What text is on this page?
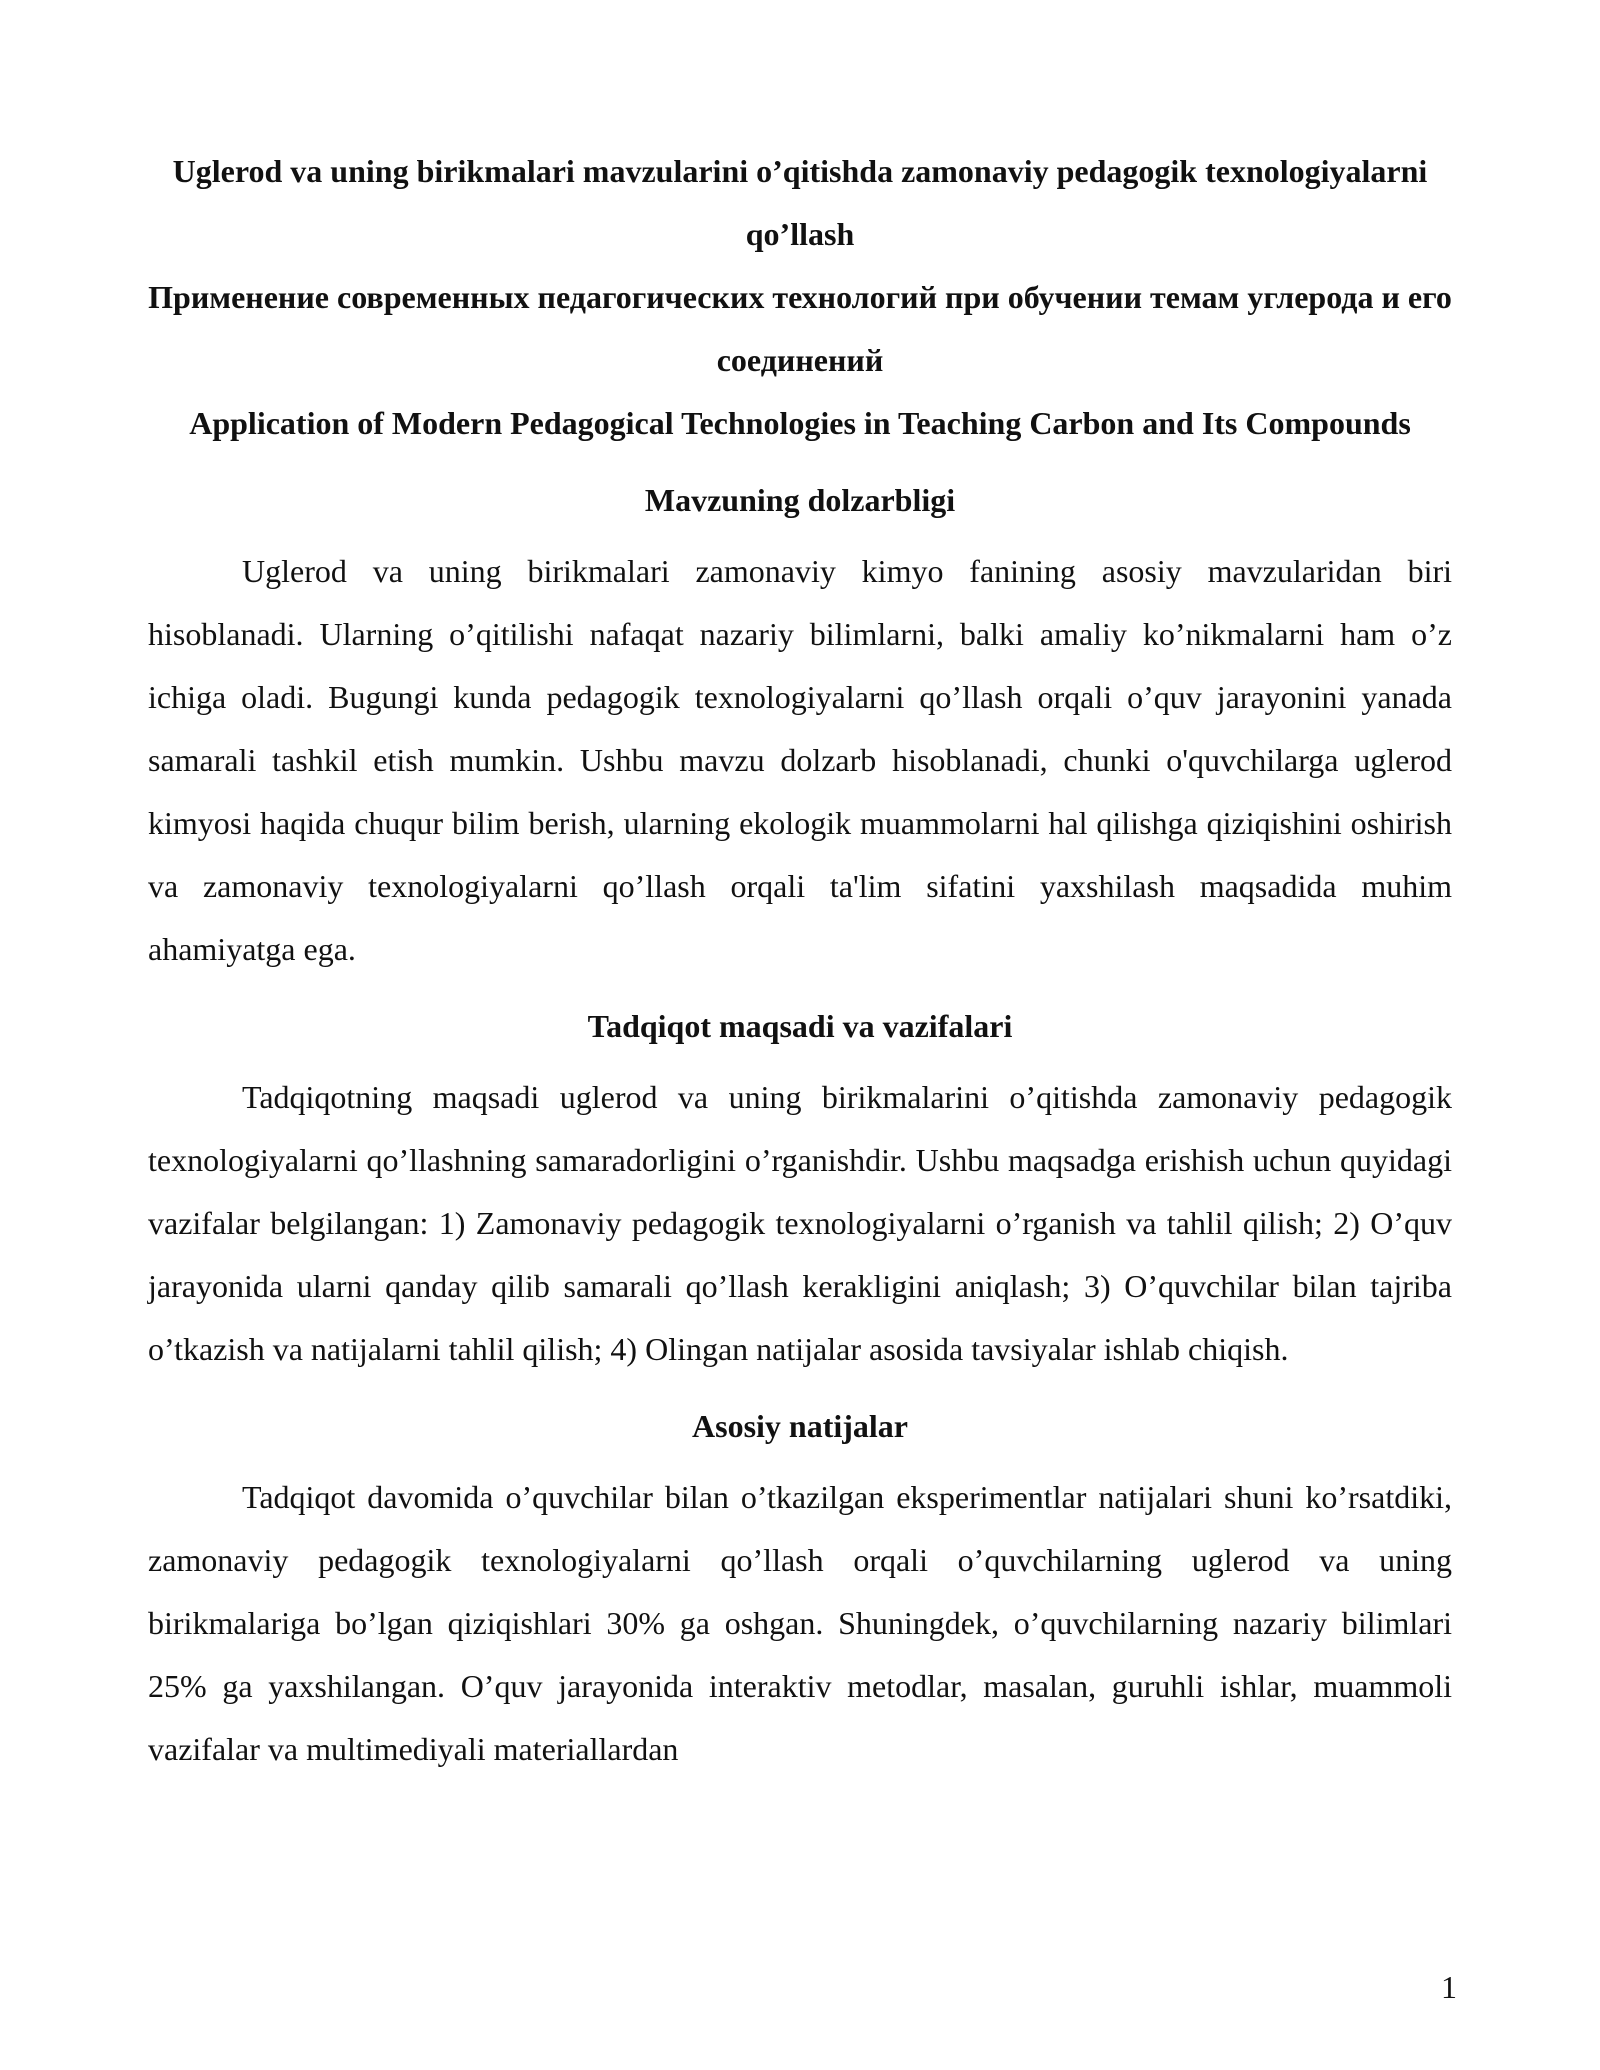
Uglerod va uning birikmalari mavzularini o’qitishda zamonaviy pedagogik texnologiyalarni qo’llash
Применение современных педагогических технологий при обучении темам углерода и его соединений
Application of Modern Pedagogical Technologies in Teaching Carbon and Its Compounds
Mavzuning dolzarbligi

Uglerod va uning birikmalari zamonaviy kimyo fanining asosiy mavzularidan biri hisoblanadi. Ularning o’qitilishi nafaqat nazariy bilimlarni, balki amaliy ko’nikmalarni ham o’z ichiga oladi. Bugungi kunda pedagogik texnologiyalarni qo’llash orqali o’quv jarayonini yanada samarali tashkil etish mumkin. Ushbu mavzu dolzarb hisoblanadi, chunki o'quvchilarga uglerod kimyosi haqida chuqur bilim berish, ularning ekologik muammolarni hal qilishga qiziqishini oshirish va zamonaviy texnologiyalarni qo’llash orqali ta'lim sifatini yaxshilash maqsadida muhim ahamiyatga ega.

Tadqiqot maqsadi va vazifalari

Tadqiqotning maqsadi uglerod va uning birikmalarini o’qitishda zamonaviy pedagogik texnologiyalarni qo’llashning samaradorligini o’rganishdir. Ushbu maqsadga erishish uchun quyidagi vazifalar belgilangan: 1) Zamonaviy pedagogik texnologiyalarni o’rganish va tahlil qilish; 2) O’quv jarayonida ularni qanday qilib samarali qo’llash kerakligini aniqlash; 3) O’quvchilar bilan tajriba o’tkazish va natijalarni tahlil qilish; 4) Olingan natijalar asosida tavsiyalar ishlab chiqish.

Asosiy natijalar

Tadqiqot davomida o’quvchilar bilan o’tkazilgan eksperimentlar natijalari shuni ko’rsatdiki, zamonaviy pedagogik texnologiyalarni qo’llash orqali o’quvchilarning uglerod va uning birikmalariga bo’lgan qiziqishlari 30% ga oshgan. Shuningdek, o’quvchilarning nazariy bilimlari 25% ga yaxshilangan. O’quv jarayonida interaktiv metodlar, masalan, guruhli ishlar, muammoli vazifalar va multimediyali materiallardan

1
